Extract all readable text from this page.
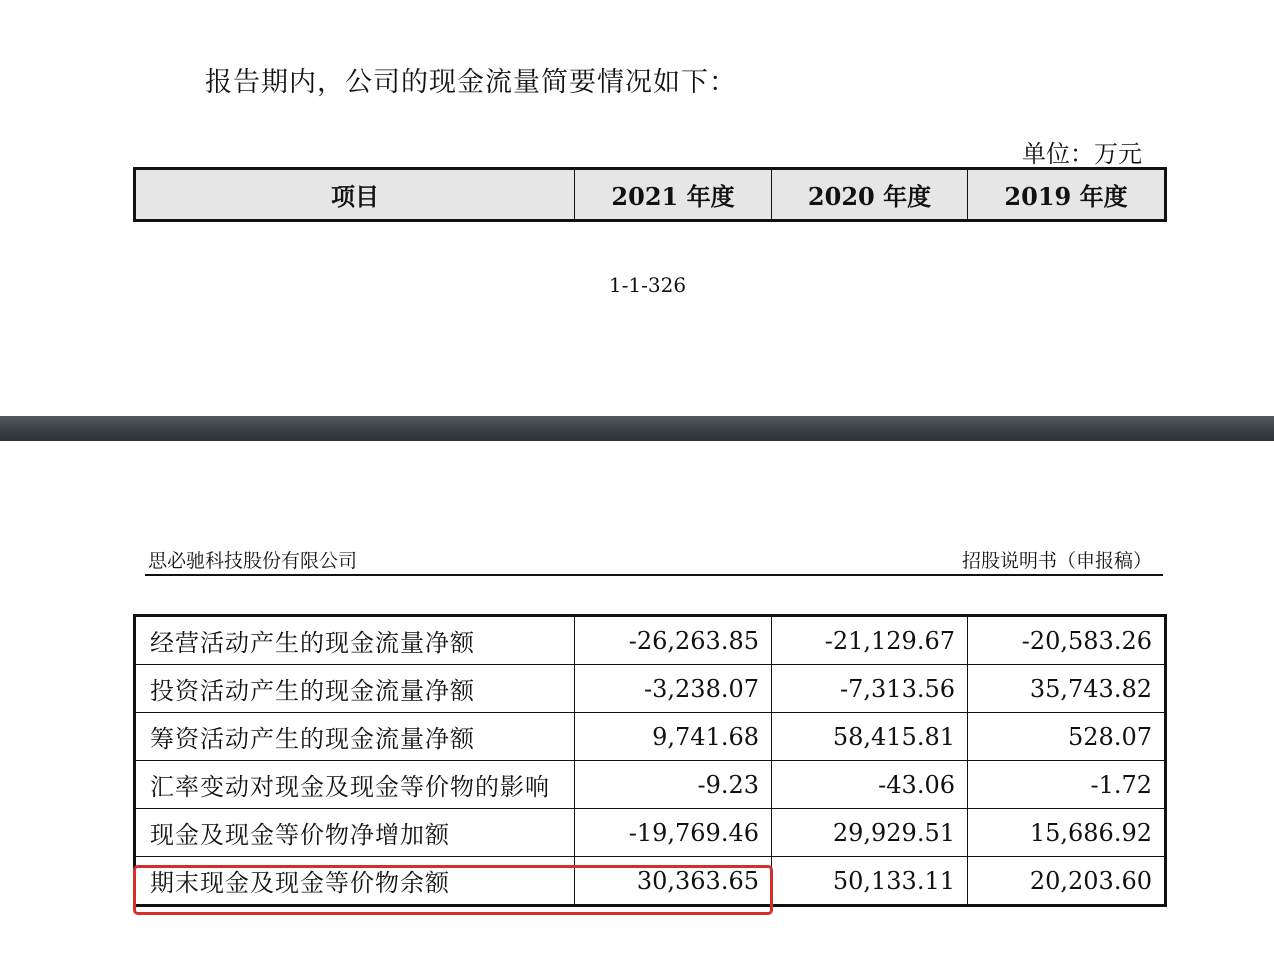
报告期内，公司的现金流量简要情况如下：
单位：万元
项目	2021 年度	2020 年度	2019 年度
1-1-326
思必驰科技股份有限公司	招股说明书（申报稿）
经营活动产生的现金流量净额	-26,263.85	-21,129.67	-20,583.26
投资活动产生的现金流量净额	-3,238.07	-7,313.56	35,743.82
筹资活动产生的现金流量净额	9,741.68	58,415.81	528.07
汇率变动对现金及现金等价物的影响	-9.23	-43.06	-1.72
现金及现金等价物净增加额	-19,769.46	29,929.51	15,686.92
期末现金及现金等价物余额	30,363.65	50,133.11	20,203.60
